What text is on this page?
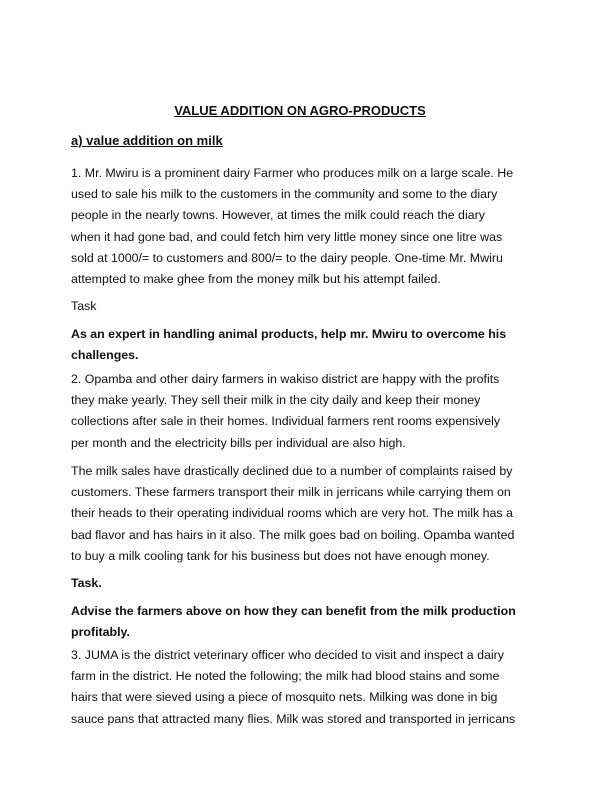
VALUE ADDITION ON AGRO-PRODUCTS
a) value addition on milk
1. Mr. Mwiru is a prominent dairy Farmer who produces milk on a large scale. He
used to sale his milk to the customers in the community and some to the diary
people in the nearly towns. However, at times the milk could reach the diary
when it had gone bad, and could fetch him very little money since one litre was
sold at 1000/= to customers and 800/= to the dairy people. One-time Mr. Mwiru
attempted to make ghee from the money milk but his attempt failed.
Task
As an expert in handling animal products, help mr. Mwiru to overcome his
challenges.
2. Opamba and other dairy farmers in wakiso district are happy with the profits
they make yearly. They sell their milk in the city daily and keep their money
collections after sale in their homes. Individual farmers rent rooms expensively
per month and the electricity bills per individual are also high.
The milk sales have drastically declined due to a number of complaints raised by
customers. These farmers transport their milk in jerricans while carrying them on
their heads to their operating individual rooms which are very hot. The milk has a
bad flavor and has hairs in it also. The milk goes bad on boiling. Opamba wanted
to buy a milk cooling tank for his business but does not have enough money.
Task.
Advise the farmers above on how they can benefit from the milk production
profitably.
3. JUMA is the district veterinary officer who decided to visit and inspect a dairy
farm in the district. He noted the following; the milk had blood stains and some
hairs that were sieved using a piece of mosquito nets. Milking was done in big
sauce pans that attracted many flies. Milk was stored and transported in jerricans
